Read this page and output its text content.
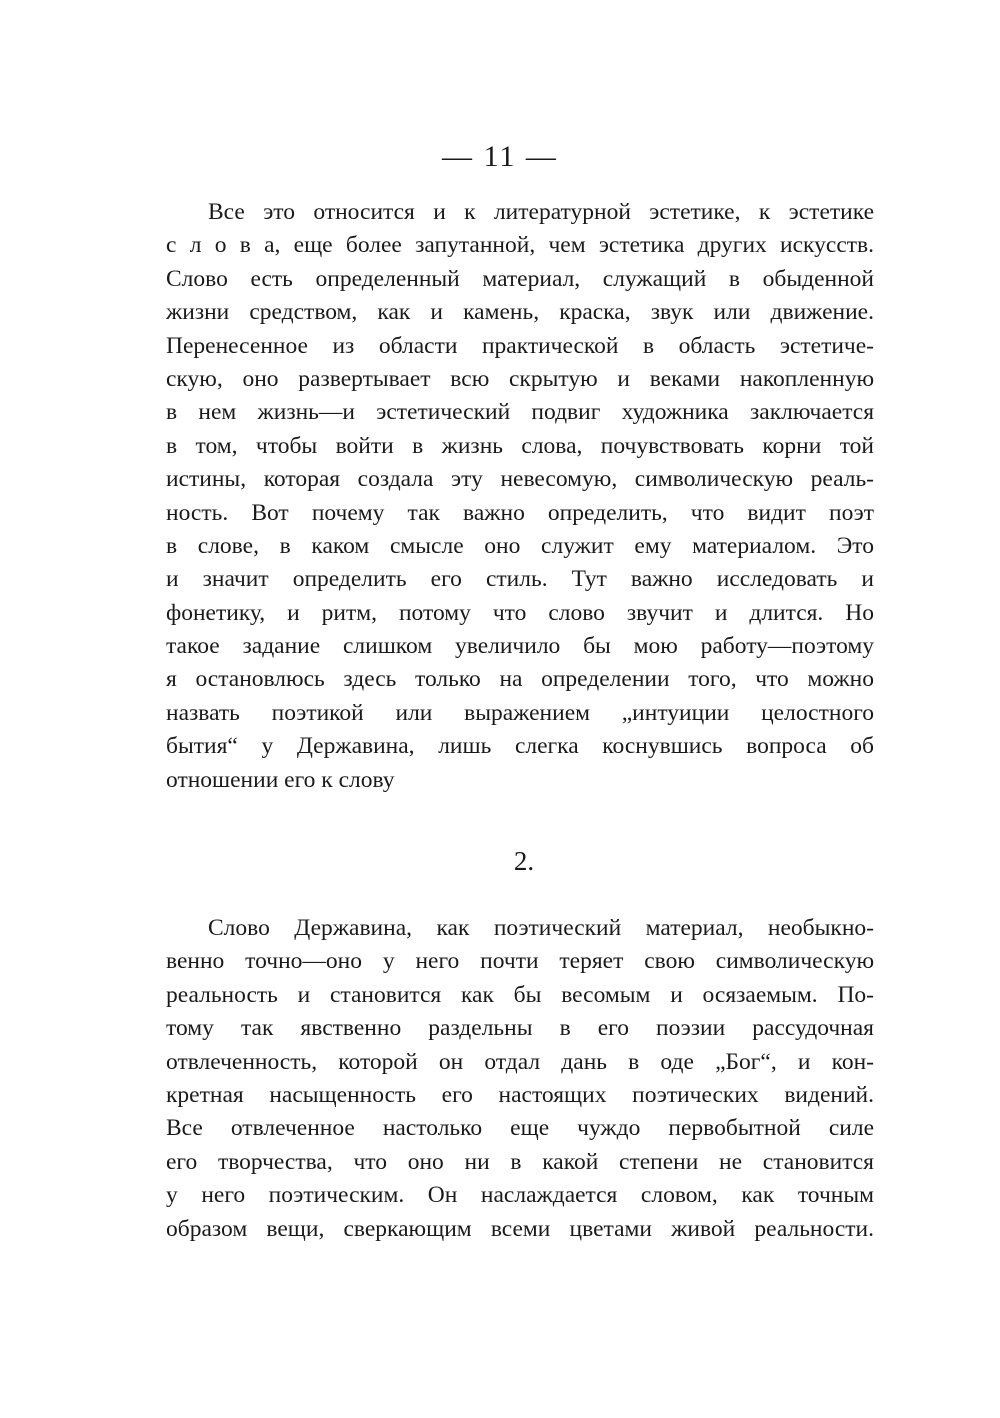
— 11 —
Все это относится и к литературной эстетике, к эстетике
с л о в а, еще более запутанной, чем эстетика других искусств.
Слово есть определенный материал, служащий в обыденной
жизни средством, как и камень, краска, звук или движение.
Перенесенное из области практической в область эстетиче-
скую, оно развертывает всю скрытую и веками накопленную
в нем жизнь—и эстетический подвиг художника заключается
в том, чтобы войти в жизнь слова, почувствовать корни той
истины, которая создала эту невесомую, символическую реаль-
ность. Вот почему так важно определить, что видит поэт
в слове, в каком смысле оно служит ему материалом. Это
и значит определить его стиль. Тут важно исследовать и
фонетику, и ритм, потому что слово звучит и длится. Но
такое задание слишком увеличило бы мою работу—поэтому
я остановлюсь здесь только на определении того, что можно
назвать поэтикой или выражением „интуиции целостного
бытия“ у Державина, лишь слегка коснувшись вопроса об
отношении его к слову
2.
Слово Державина, как поэтический материал, необыкно-
венно точно—оно у него почти теряет свою символическую
реальность и становится как бы весомым и осязаемым. По-
тому так явственно раздельны в его поэзии рассудочная
отвлеченность, которой он отдал дань в оде „Бог“, и кон-
кретная насыщенность его настоящих поэтических видений.
Все отвлеченное настолько еще чуждо первобытной силе
его творчества, что оно ни в какой степени не становится
у него поэтическим. Он наслаждается словом, как точным
образом вещи, сверкающим всеми цветами живой реальности.
